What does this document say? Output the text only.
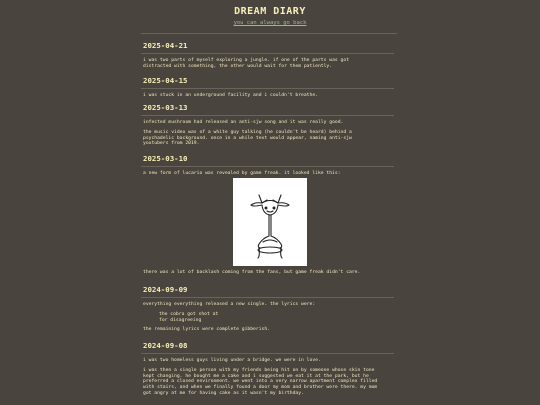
DREAM DIARY
you can always go back
2025-04-21
i was two parts of myself exploring a jungle. if one of the parts was got
distracted with something, the other would wait for them patiently.
2025-04-15
i was stuck in an underground facility and i couldn't breathe.
2025-03-13
infected mushroom had released an anti-sjw song and it was really good.
the music video was of a white guy talking (he couldn't be heard) behind a
psychadelic background. once in a while text would appear, naming anti-sjw
youtubers from 2019.
2025-03-10
a new form of lucario was revealed by game freak. it looked like this:
there was a lot of backlash coming from the fans, but game freak didn't care.
2024-09-09
everything everything released a new single. the lyrics were:
the cobra got shot at
for disagreeing
the remaining lyrics were complete gibberish.
2024-09-08
i was two homeless guys living under a bridge. we were in love.
i was then a single person with my friends being hit on by someone whose skin tone
kept changing. he bought me a cake and i suggested we eat it at the park, but he
preferred a closed environment. we went into a very narrow apartment complex filled
with stairs, and when we finally found a door my mom and brother were there. my mom
got angry at me for having cake as it wasn't my birthday.
